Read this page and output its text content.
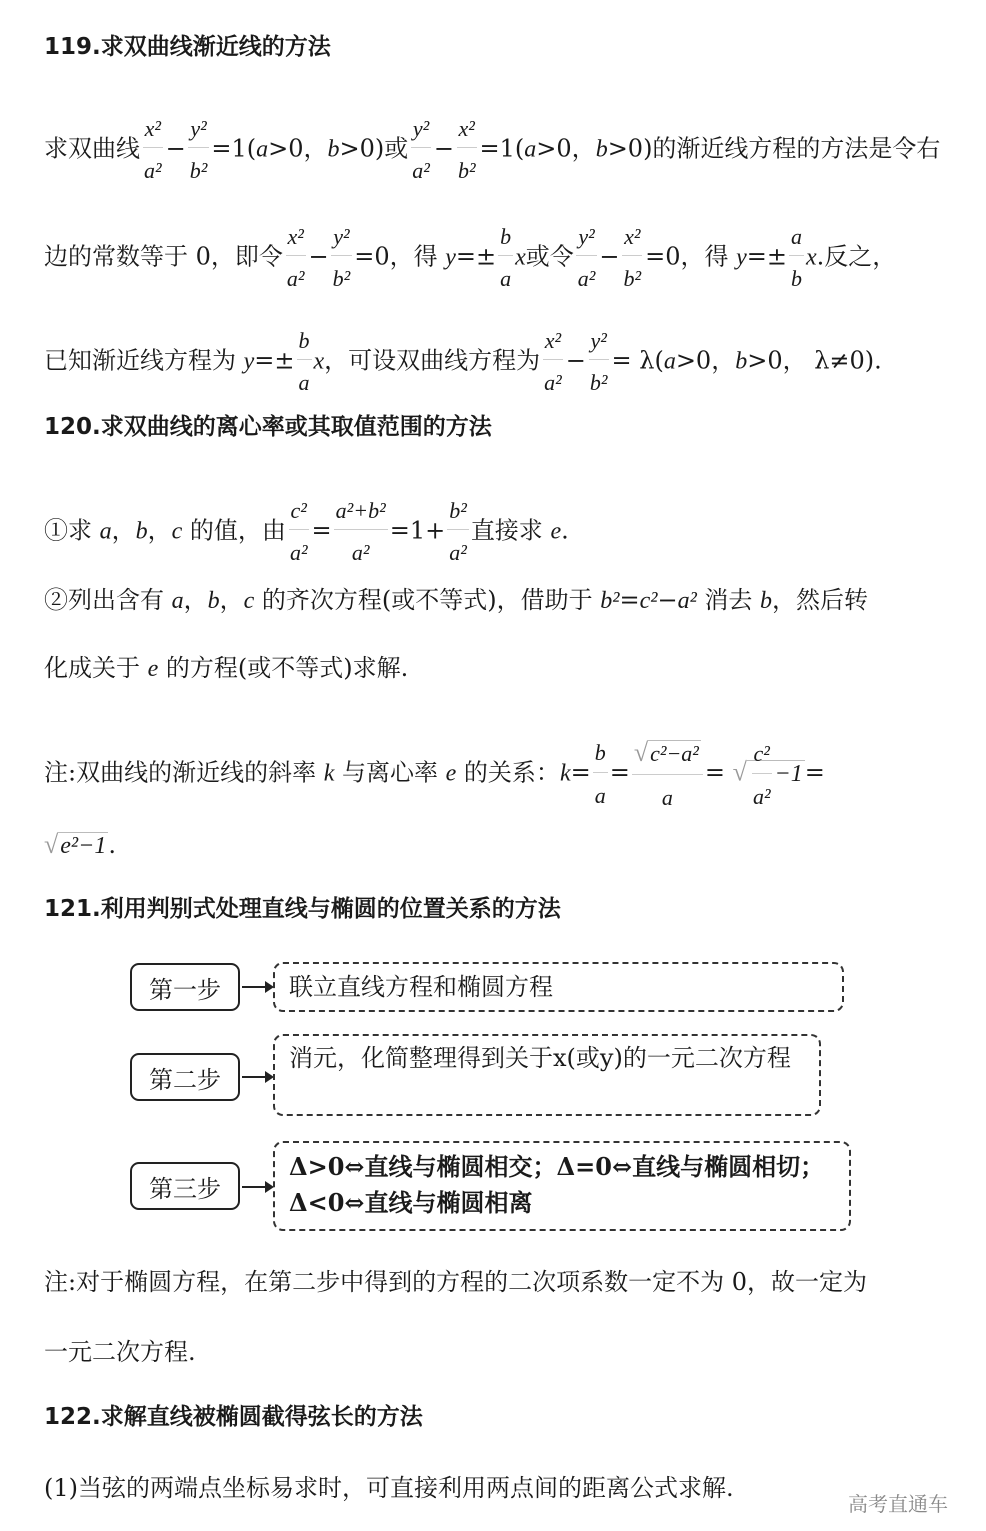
119.求双曲线渐近线的方法
求双曲线 $\frac{\text{x²}}{\text{a²}} - \frac{\text{y²}}{\text{b²}} =1(a>0$，b>0)或 $\frac{\text{y²}}{\text{a²}} - \frac{\text{x²}}{\text{b²}} =1(a>0$，b>0)的渐近线方程的方法是令右
边的常数等于 0，即令 $\frac{\text{x²}}{\text{a²}} - \frac{\text{y²}}{\text{b²}} =0$，得 $y=\pm \frac{b}{a}$ x或令 $\frac{\text{y²}}{\text{a²}} - \frac{\text{x²}}{\text{b²}} =0$，得 $y=\pm \frac{a}{b} x$.反之，
已知渐近线方程为 $y=\pm \frac{b}{a}$ x，可设双曲线方程为 $\frac{\text{x²}}{\text{a²}} - \frac{\text{y²}}{\text{b²}} = \lambda(a>0$，b>0， λ≠0).
120.求双曲线的离心率或其取值范围的方法
①求 a，b，c 的值，由 $\frac{\text{c²}}{\text{a²}} = \frac{\text{a²+b²}}{\text{a²}} =1+ \frac{\text{b²}}{\text{a²}}$ 直接求 e.
②列出含有 a，b，c 的齐次方程(或不等式)，借助于 b²=c²−a² 消去 b，然后转
化成关于 e 的方程(或不等式)求解.
注:双曲线的渐近线的斜率 k 与离心率 e 的关系：$k= \frac{b}{a} = \frac{\text{√c²−a²}}{a}$ = √ $\frac{\text{c²}}{\text{a²}} -1=$
√e²−1.
121.利用判别式处理直线与椭圆的位置关系的方法
第一步	联立直线方程和椭圆方程
第二步
消元，化简整理得到关于x(或y)的一元二次方程
第三步
Δ>0⇔直线与椭圆相交；Δ=0⇔直线与椭圆相切；Δ<0⇔直线与椭圆相离
注:对于椭圆方程，在第二步中得到的方程的二次项系数一定不为 0，故一定为
一元二次方程.
122.求解直线被椭圆截得弦长的方法
(1)当弦的两端点坐标易求时，可直接利用两点间的距离公式求解.
高考直通车
